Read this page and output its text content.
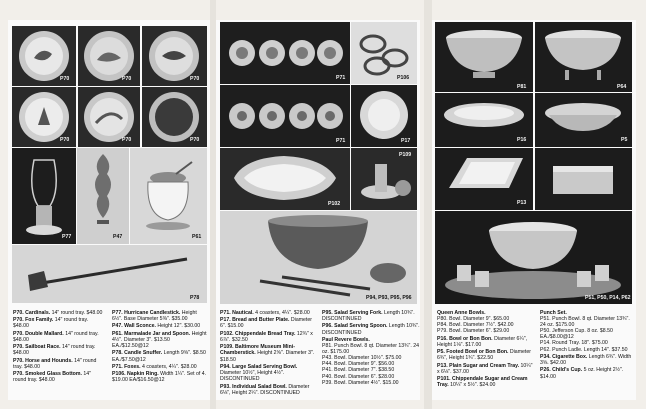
P70	P70	P70
P70	P70	P70
P77	P47	P61
P78
P71	P106
P71	P17
P102
P109
P94, P93, P95, P96
P81	P64
P16	P5
P13
P51, P50, P14, P62
P70. Cardinals. 14" round tray. $48.00
P70. Fox Family. 14" round tray. $48.00
P70. Double Mallard. 14" round tray. $48.00
P70. Sailboat Race. 14" round tray. $48.00
P70. Horse and Hounds. 14" round tray. $48.00
P70. Smoked Glass Bottom. 14" round tray. $48.00
P77. Hurricane Candlestick. Height 6½". Base Diameter 5⅜". $35.00
P47. Wall Sconce. Height 12". $30.00
P61. Marmalade Jar and Spoon. Height 4½". Diameter 3". $13.50 EA./$12.50@12
P78. Candle Snuffer. Length 9⅝". $8.50 EA./$7.50@12
P71. Foxes. 4 coasters, 4¼". $28.00
P106. Napkin Ring. Width 1¼". Set of 4. $19.00 EA/$16.50@12
P71. Nautical. 4 coasters, 4¼". $28.00
P17. Bread and Butter Plate. Diameter 6". $15.00
P102. Chippendale Bread Tray. 12¾" x 6⅞". $32.50
P109. Baltimore Museum Mini-Chamberstick. Height 2⅝". Diameter 3". $18.50
P94. Large Salad Serving Bowl. Diameter 10½", Height 4½". DISCONTINUED
P93. Individual Salad Bowl. Diameter 6⅛", Height 2¼". DISCONTINUED
P95. Salad Serving Fork. Length 10¾". DISCONTINUED
P96. Salad Serving Spoon. Length 10¾". DISCONTINUED
Paul Revere Bowls.
P81. Punch Bowl. 8 qt. Diameter 13¾". 24 oz. $175.00
P43. Bowl. Diameter 10½". $75.00
P44. Bowl. Diameter 9". $56.00
P41. Bowl. Diameter 7". $38.50
P40. Bowl. Diameter 6". $28.00
P39. Bowl. Diameter 4½". $15.00
Queen Anne Bowls.
P80. Bowl. Diameter 9". $65.00
P84. Bowl. Diameter 7½". $42.00
P79. Bowl. Diameter 6". $29.00
P16. Bowl or Bon Bon. Diameter 6¼", Height 1⅛". $17.00
P5. Footed Bowl or Bon Bon. Diameter 6¾", Height 1¾". $22.50
P13. Plain Sugar and Cream Tray. 10¼" x 6⅛". $37.00
P101. Chippendale Sugar and Cream Tray. 10¼" x 5½". $24.00
Punch Set.
P51. Punch Bowl. 8 qt. Diameter 13¾". 24 oz. $175.00
P50. Jefferson Cup. 8 oz. $8.50 EA./$8.00@12
P14. Round Tray. 18". $75.00
P62. Punch Ladle. Length 14". $37.50
P34. Cigarette Box. Length 6¾". Width 3⅝. $42.00
P26. Child's Cup. 5 oz. Height 2½". $14.00
